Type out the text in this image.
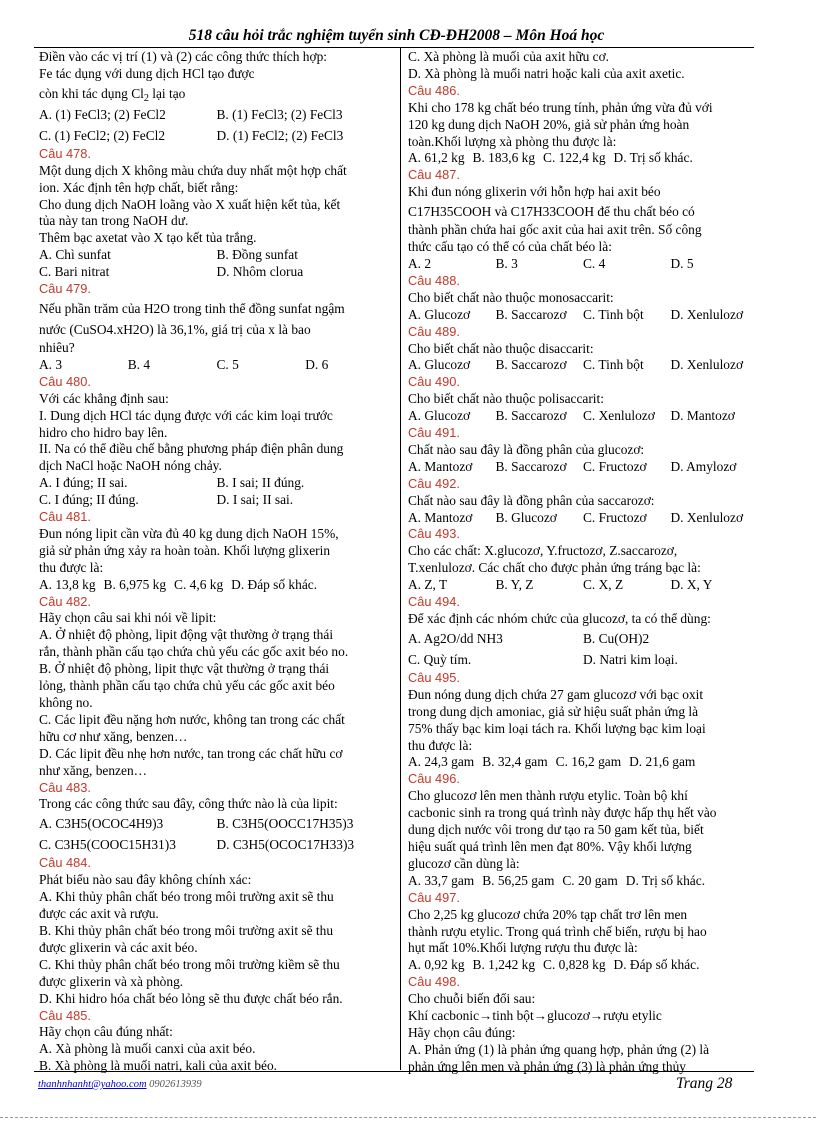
518 câu hỏi trắc nghiệm tuyển sinh CĐ-ĐH2008 – Môn Hoá học
Điền vào các vị trí (1) và (2) các công thức thích hợp:
Fe tác dụng với dung dịch HCl tạo được
còn khi tác dụng $Cl_2$ lại tạo
A. (1) FeCl3; (2) FeCl2	B. (1) FeCl3; (2) FeCl3
C. (1) FeCl2; (2) FeCl2	D. (1) FeCl2; (2) FeCl3
Câu 478.
Một dung dịch X không màu chứa duy nhất một hợp chất
ion. Xác định tên hợp chất, biết rằng:
Cho dung dịch NaOH loãng vào X xuất hiện kết tủa, kết
tủa này tan trong NaOH dư.
Thêm bạc axetat vào X tạo kết tủa trắng.
A. Chì sunfat	B. Đồng sunfat
C. Bari nitrat	D. Nhôm clorua
Câu 479.
Nếu phần trăm của H2O trong tinh thể đồng sunfat ngậm
nước (CuSO4.xH2O) là 36,1%, giá trị của x là bao
nhiêu?
A. 3	B. 4	C. 5	D. 6
Câu 480.
Với các khẳng định sau:
I. Dung dịch HCl tác dụng được với các kim loại trước
hidro cho hidro bay lên.
II. Na có thể điều chế bằng phương pháp điện phân dung
dịch NaCl hoặc NaOH nóng chảy.
A. I đúng; II sai.	B. I sai; II đúng.
C. I đúng; II đúng.	D. I sai; II sai.
Câu 481.
Đun nóng lipit cần vừa đủ 40 kg dung dịch NaOH 15%,
giả sử phản ứng xảy ra hoàn toàn. Khối lượng glixerin
thu được là:
A. 13,8 kg B. 6,975 kg C. 4,6 kg D. Đáp số khác.
Câu 482.
Hãy chọn câu sai khi nói về lipit:
A. Ở nhiệt độ phòng, lipit động vật thường ở trạng thái
rắn, thành phần cấu tạo chứa chủ yếu các gốc axit béo no.
B. Ở nhiệt độ phòng, lipit thực vật thường ở trạng thái
lỏng, thành phần cấu tạo chứa chủ yếu các gốc axit béo
không no.
C. Các lipit đều nặng hơn nước, không tan trong các chất
hữu cơ như xăng, benzen…
D. Các lipit đều nhẹ hơn nước, tan trong các chất hữu cơ
như xăng, benzen…
Câu 483.
Trong các công thức sau đây, công thức nào là của lipit:
A. C3H5(OCOC4H9)3	B. C3H5(OOCC17H35)3
C. C3H5(COOC15H31)3	D. C3H5(OCOC17H33)3
Câu 484.
Phát biểu nào sau đây không chính xác:
A. Khi thủy phân chất béo trong môi trường axit sẽ thu
được các axit và rượu.
B. Khi thủy phân chất béo trong môi trường axit sẽ thu
được glixerin và các axit béo.
C. Khi thủy phân chất béo trong môi trường kiềm sẽ thu
được glixerin và xà phòng.
D. Khi hidro hóa chất béo lỏng sẽ thu được chất béo rắn.
Câu 485.
Hãy chọn câu đúng nhất:
A. Xà phòng là muối canxi của axit béo.
B. Xà phòng là muối natri, kali của axit béo.
C. Xà phòng là muối của axit hữu cơ.
D. Xà phòng là muối natri hoặc kali của axit axetic.
Câu 486.
Khi cho 178 kg chất béo trung tính, phản ứng vừa đủ với
120 kg dung dịch NaOH 20%, giả sử phản ứng hoàn
toàn.Khối lượng xà phòng thu được là:
A. 61,2 kg B. 183,6 kg C. 122,4 kg D. Trị số khác.
Câu 487.
Khi đun nóng glixerin với hỗn hợp hai axit béo
C17H35COOH và C17H33COOH để thu chất béo có
thành phần chứa hai gốc axit của hai axit trên. Số công
thức cấu tạo có thể có của chất béo là:
A. 2	B. 3	C. 4	D. 5
Câu 488.
Cho biết chất nào thuộc monosaccarit:
A. Glucozơ	B. Saccarozơ	C. Tinh bột	D. Xenlulozơ
Câu 489.
Cho biết chất nào thuộc disaccarit:
A. Glucozơ	B. Saccarozơ	C. Tinh bột	D. Xenlulozơ
Câu 490.
Cho biết chất nào thuộc polisaccarit:
A. Glucozơ	B. Saccarozơ	C. Xenlulozơ	D. Mantozơ
Câu 491.
Chất nào sau đây là đồng phân của glucozơ:
A. Mantozơ	B. Saccarozơ	C. Fructozơ	D. Amylozơ
Câu 492.
Chất nào sau đây là đồng phân của saccarozơ:
A. Mantozơ	B. Glucozơ	C. Fructozơ	D. Xenlulozơ
Câu 493.
Cho các chất: X.glucozơ, Y.fructozơ, Z.saccarozơ,
T.xenlulozơ. Các chất cho được phản ứng tráng bạc là:
A. Z, T	B. Y, Z	C. X, Z	D. X, Y
Câu 494.
Để xác định các nhóm chức của glucozơ, ta có thể dùng:
A. Ag2O/dd NH3	B. Cu(OH)2
C. Quỳ tím.	D. Natri kim loại.
Câu 495.
Đun nóng dung dịch chứa 27 gam glucozơ với bạc oxit
trong dung dịch amoniac, giả sử hiệu suất phản ứng là
75% thấy bạc kim loại tách ra. Khối lượng bạc kim loại
thu được là:
A. 24,3 gam B. 32,4 gam C. 16,2 gam D. 21,6 gam
Câu 496.
Cho glucozơ lên men thành rượu etylic. Toàn bộ khí
cacbonic sinh ra trong quá trình này được hấp thụ hết vào
dung dịch nước vôi trong dư tạo ra 50 gam kết tủa, biết
hiệu suất quá trình lên men đạt 80%. Vậy khối lượng
glucozơ cần dùng là:
A. 33,7 gam B. 56,25 gam C. 20 gam D. Trị số khác.
Câu 497.
Cho 2,25 kg glucozơ chứa 20% tạp chất trơ lên men
thành rượu etylic. Trong quá trình chế biến, rượu bị hao
hụt mất 10%.Khối lượng rượu thu được là:
A. 0,92 kg B. 1,242 kg C. 0,828 kg D. Đáp số khác.
Câu 498.
Cho chuỗi biến đổi sau:
Khí cacbonic→tinh bột→glucozơ→rượu etylic
Hãy chọn câu đúng:
A. Phản ứng (1) là phản ứng quang hợp, phản ứng (2) là
phản ứng lên men và phản ứng (3) là phản ứng thủy
thanhnhanht@yahoo.com 0902613939	Trang 28
